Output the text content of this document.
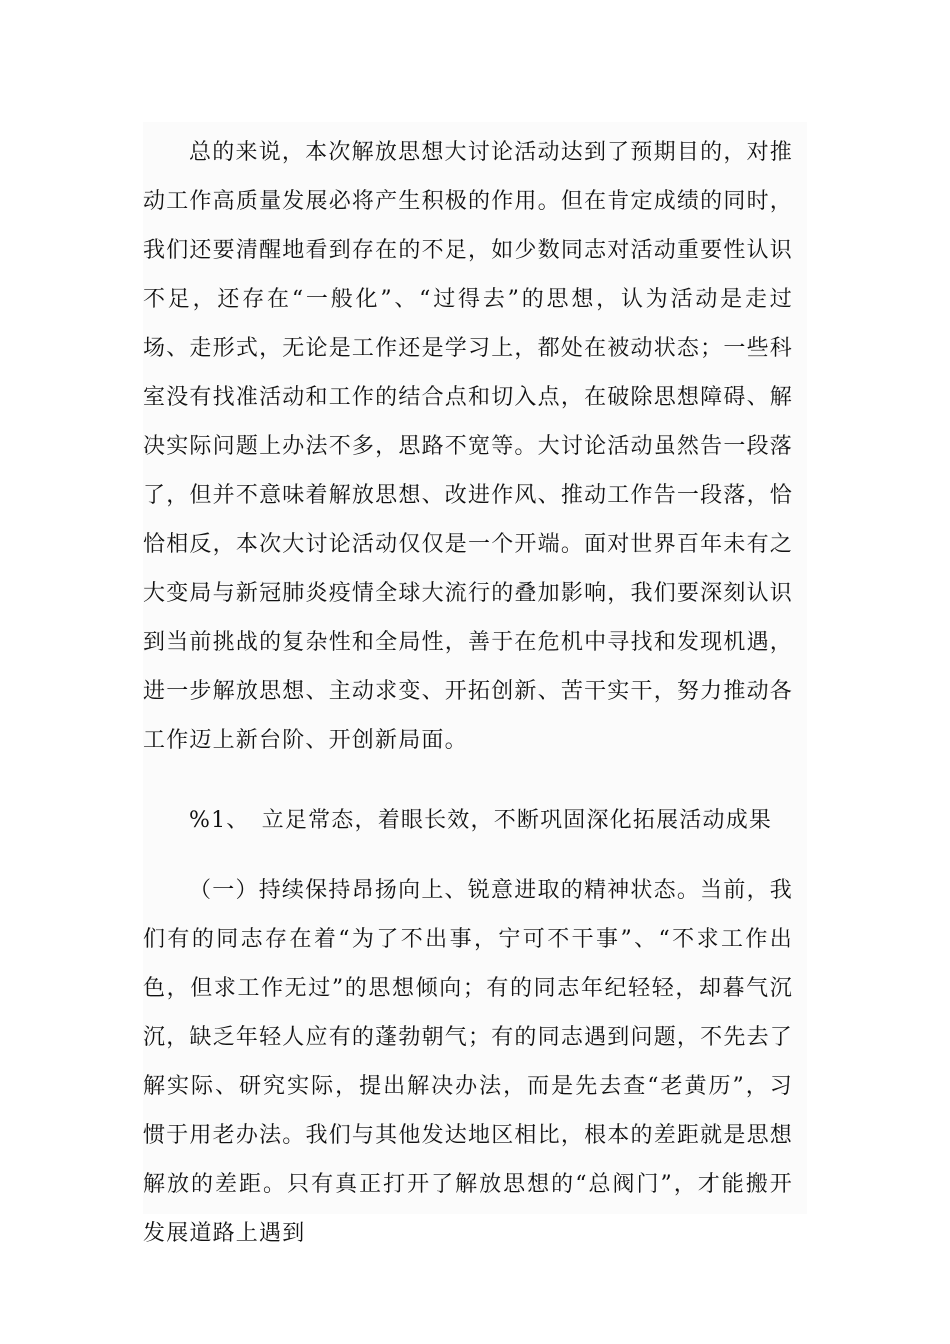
总的来说，本次解放思想大讨论活动达到了预期目的，对推动工作高质量发展必将产生积极的作用。但在肯定成绩的同时，我们还要清醒地看到存在的不足，如少数同志对活动重要性认识不足，还存在“一般化”、“过得去”的思想，认为活动是走过场、走形式，无论是工作还是学习上，都处在被动状态；一些科室没有找准活动和工作的结合点和切入点，在破除思想障碍、解决实际问题上办法不多，思路不宽等。大讨论活动虽然告一段落了，但并不意味着解放思想、改进作风、推动工作告一段落，恰恰相反，本次大讨论活动仅仅是一个开端。面对世界百年未有之大变局与新冠肺炎疫情全球大流行的叠加影响，我们要深刻认识到当前挑战的复杂性和全局性，善于在危机中寻找和发现机遇，进一步解放思想、主动求变、开拓创新、苦干实干，努力推动各工作迈上新台阶、开创新局面。

%1、　立足常态，着眼长效，不断巩固深化拓展活动成果

（一）持续保持昂扬向上、锐意进取的精神状态。当前，我们有的同志存在着“为了不出事，宁可不干事”、“不求工作出色，但求工作无过”的思想倾向；有的同志年纪轻轻，却暮气沉沉，缺乏年轻人应有的蓬勃朝气；有的同志遇到问题，不先去了解实际、研究实际，提出解决办法，而是先去查“老黄历”，习惯于用老办法。我们与其他发达地区相比，根本的差距就是思想解放的差距。只有真正打开了解放思想的“总阀门”，才能搬开发展道路上遇到
